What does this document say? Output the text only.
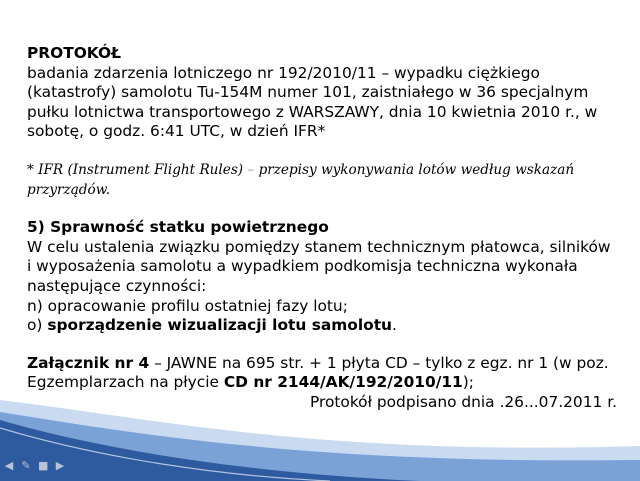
PROTOKÓŁ

badania zdarzenia lotniczego nr 192/2010/11 – wypadku ciężkiego

(katastrofy) samolotu Tu-154M numer 101, zaistniałego w 36 specjalnym

pułku lotnictwa transportowego z WARSZAWY, dnia 10 kwietnia 2010 r., w

sobotę, o godz. 6:41 UTC, w dzień IFR*

* IFR (Instrument Flight Rules) – przepisy wykonywania lotów według wskazań

przyrządów.

5) Sprawność statku powietrznego

W celu ustalenia związku pomiędzy stanem technicznym płatowca, silników

i wyposażenia samolotu a wypadkiem podkomisja techniczna wykonała

następujące czynności:

n) opracowanie profilu ostatniej fazy lotu;

o) sporządzenie wizualizacji lotu samolotu.

Załącznik nr 4 – JAWNE na 695 str. + 1 płyta CD – tylko z egz. nr 1 (w poz.

Egzemplarzach na płycie CD nr 2144/AK/192/2010/11);

Protokół podpisano dnia .26...07.2011 r.

◀ ✎ ■ ▶
